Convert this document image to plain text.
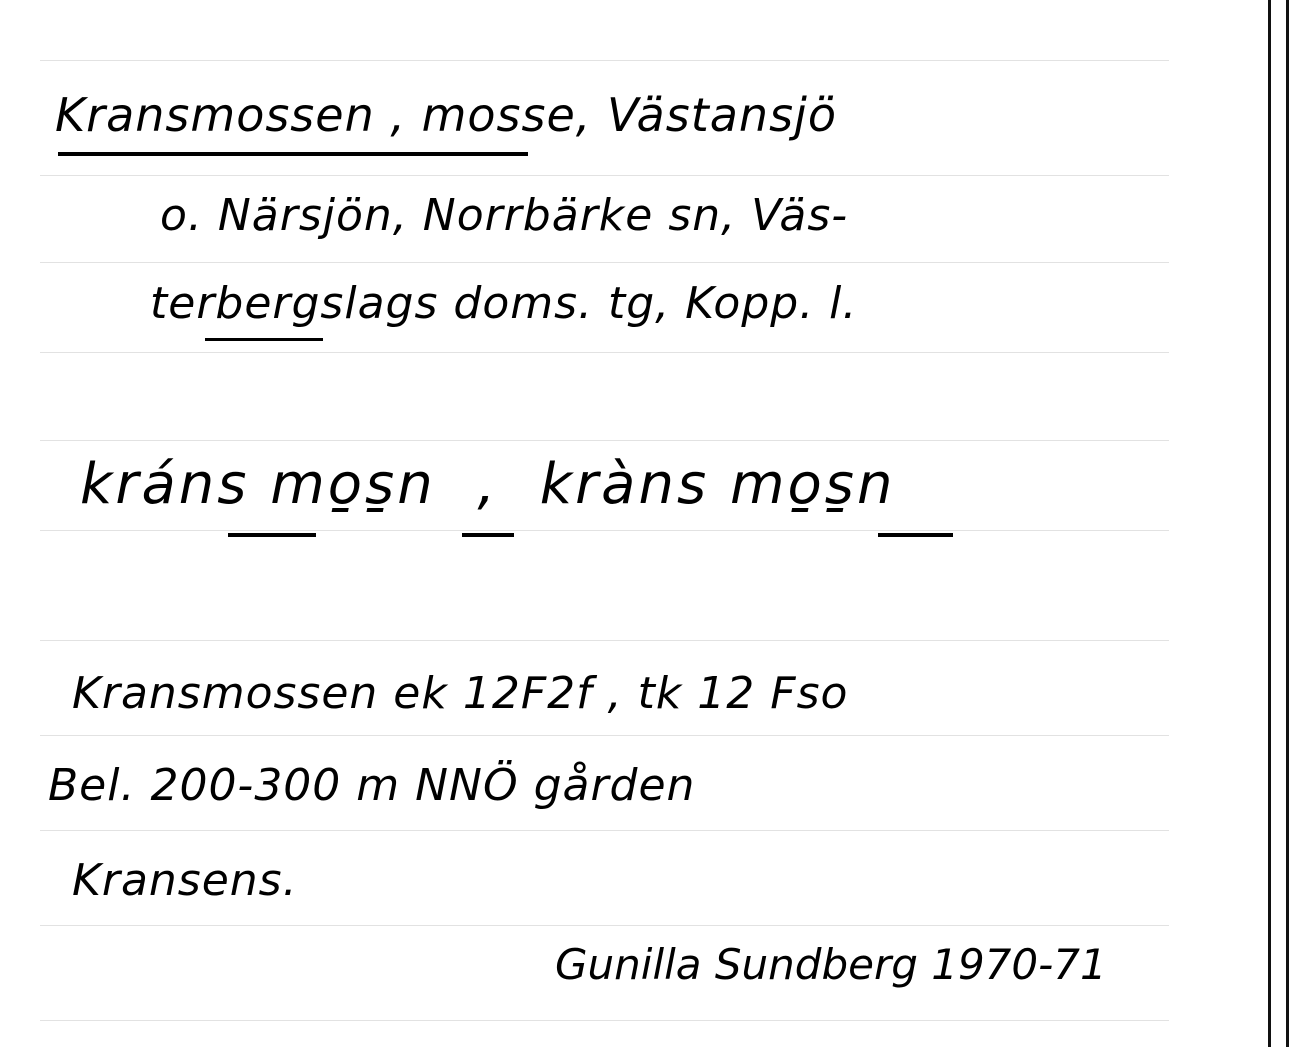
Kransmossen , mosse, Västansjö
o. Närsjön, Norrbärke sn, Väs-
terbergslags doms. tg, Kopp. l.
kráns mo̱s̱n  ,  kràns mo̱s̱n
Kransmossen ek 12F2f , tk 12 Fso
Bel. 200-300 m NNÖ gården
Kransens.
Gunilla Sundberg 1970-71
